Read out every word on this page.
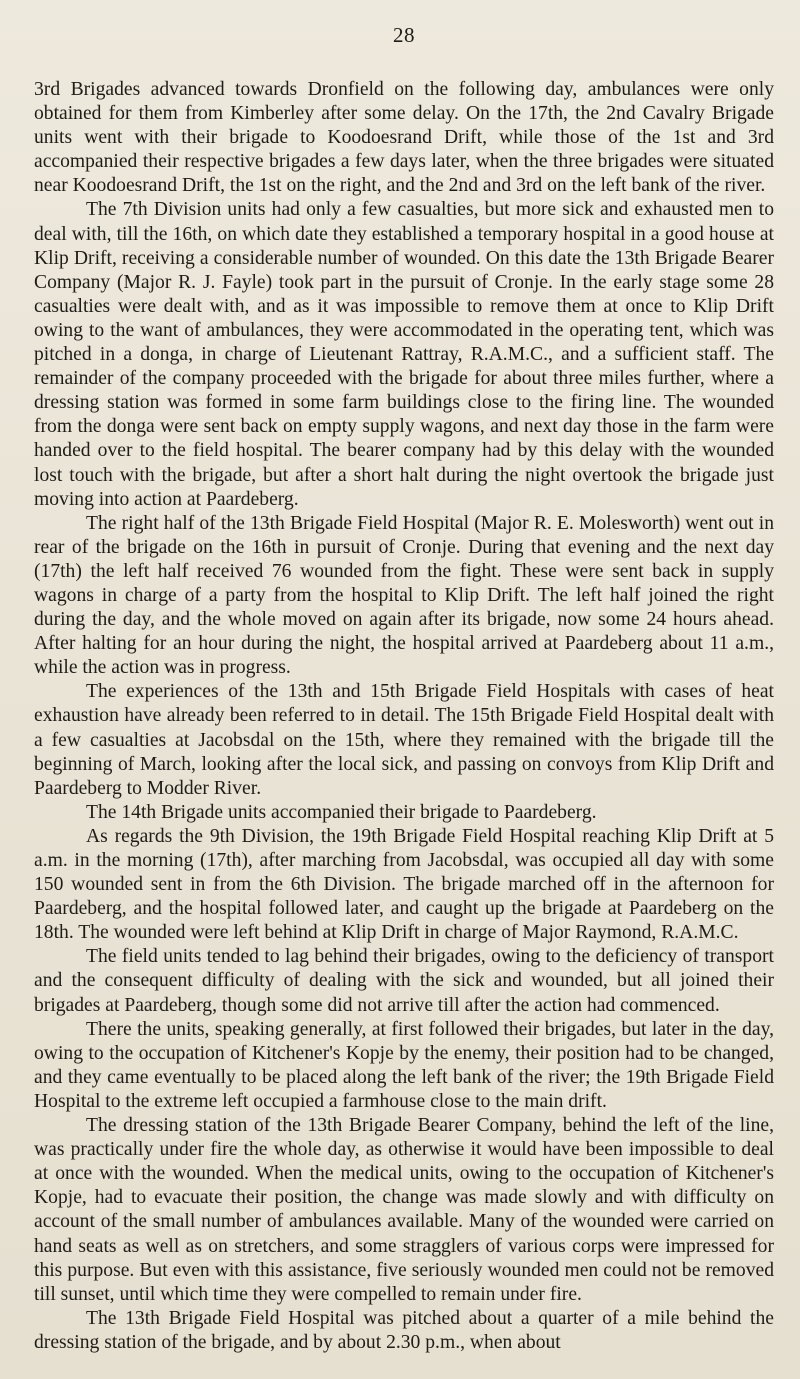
28

3rd Brigades advanced towards Dronfield on the following day, ambulances were only obtained for them from Kimberley after some delay. On the 17th, the 2nd Cavalry Brigade units went with their brigade to Koodoesrand Drift, while those of the 1st and 3rd accompanied their respective brigades a few days later, when the three brigades were situated near Koodoesrand Drift, the 1st on the right, and the 2nd and 3rd on the left bank of the river.

The 7th Division units had only a few casualties, but more sick and exhausted men to deal with, till the 16th, on which date they established a temporary hospital in a good house at Klip Drift, receiving a considerable number of wounded. On this date the 13th Brigade Bearer Company (Major R. J. Fayle) took part in the pursuit of Cronje. In the early stage some 28 casualties were dealt with, and as it was impossible to remove them at once to Klip Drift owing to the want of ambulances, they were accommodated in the operating tent, which was pitched in a donga, in charge of Lieutenant Rattray, R.A.M.C., and a sufficient staff. The remainder of the company proceeded with the brigade for about three miles further, where a dressing station was formed in some farm buildings close to the firing line. The wounded from the donga were sent back on empty supply wagons, and next day those in the farm were handed over to the field hospital. The bearer company had by this delay with the wounded lost touch with the brigade, but after a short halt during the night overtook the brigade just moving into action at Paardeberg.

The right half of the 13th Brigade Field Hospital (Major R. E. Molesworth) went out in rear of the brigade on the 16th in pursuit of Cronje. During that evening and the next day (17th) the left half received 76 wounded from the fight. These were sent back in supply wagons in charge of a party from the hospital to Klip Drift. The left half joined the right during the day, and the whole moved on again after its brigade, now some 24 hours ahead. After halting for an hour during the night, the hospital arrived at Paardeberg about 11 a.m., while the action was in progress.

The experiences of the 13th and 15th Brigade Field Hospitals with cases of heat exhaustion have already been referred to in detail. The 15th Brigade Field Hospital dealt with a few casualties at Jacobsdal on the 15th, where they remained with the brigade till the beginning of March, looking after the local sick, and passing on convoys from Klip Drift and Paardeberg to Modder River.

The 14th Brigade units accompanied their brigade to Paardeberg.

As regards the 9th Division, the 19th Brigade Field Hospital reaching Klip Drift at 5 a.m. in the morning (17th), after marching from Jacobsdal, was occupied all day with some 150 wounded sent in from the 6th Division. The brigade marched off in the afternoon for Paardeberg, and the hospital followed later, and caught up the brigade at Paardeberg on the 18th. The wounded were left behind at Klip Drift in charge of Major Raymond, R.A.M.C.

The field units tended to lag behind their brigades, owing to the deficiency of transport and the consequent difficulty of dealing with the sick and wounded, but all joined their brigades at Paardeberg, though some did not arrive till after the action had commenced.

There the units, speaking generally, at first followed their brigades, but later in the day, owing to the occupation of Kitchener's Kopje by the enemy, their position had to be changed, and they came eventually to be placed along the left bank of the river; the 19th Brigade Field Hospital to the extreme left occupied a farmhouse close to the main drift.

The dressing station of the 13th Brigade Bearer Company, behind the left of the line, was practically under fire the whole day, as otherwise it would have been impossible to deal at once with the wounded. When the medical units, owing to the occupation of Kitchener's Kopje, had to evacuate their position, the change was made slowly and with difficulty on account of the small number of ambulances available. Many of the wounded were carried on hand seats as well as on stretchers, and some stragglers of various corps were impressed for this purpose. But even with this assistance, five seriously wounded men could not be removed till sunset, until which time they were compelled to remain under fire.

The 13th Brigade Field Hospital was pitched about a quarter of a mile behind the dressing station of the brigade, and by about 2.30 p.m., when about
